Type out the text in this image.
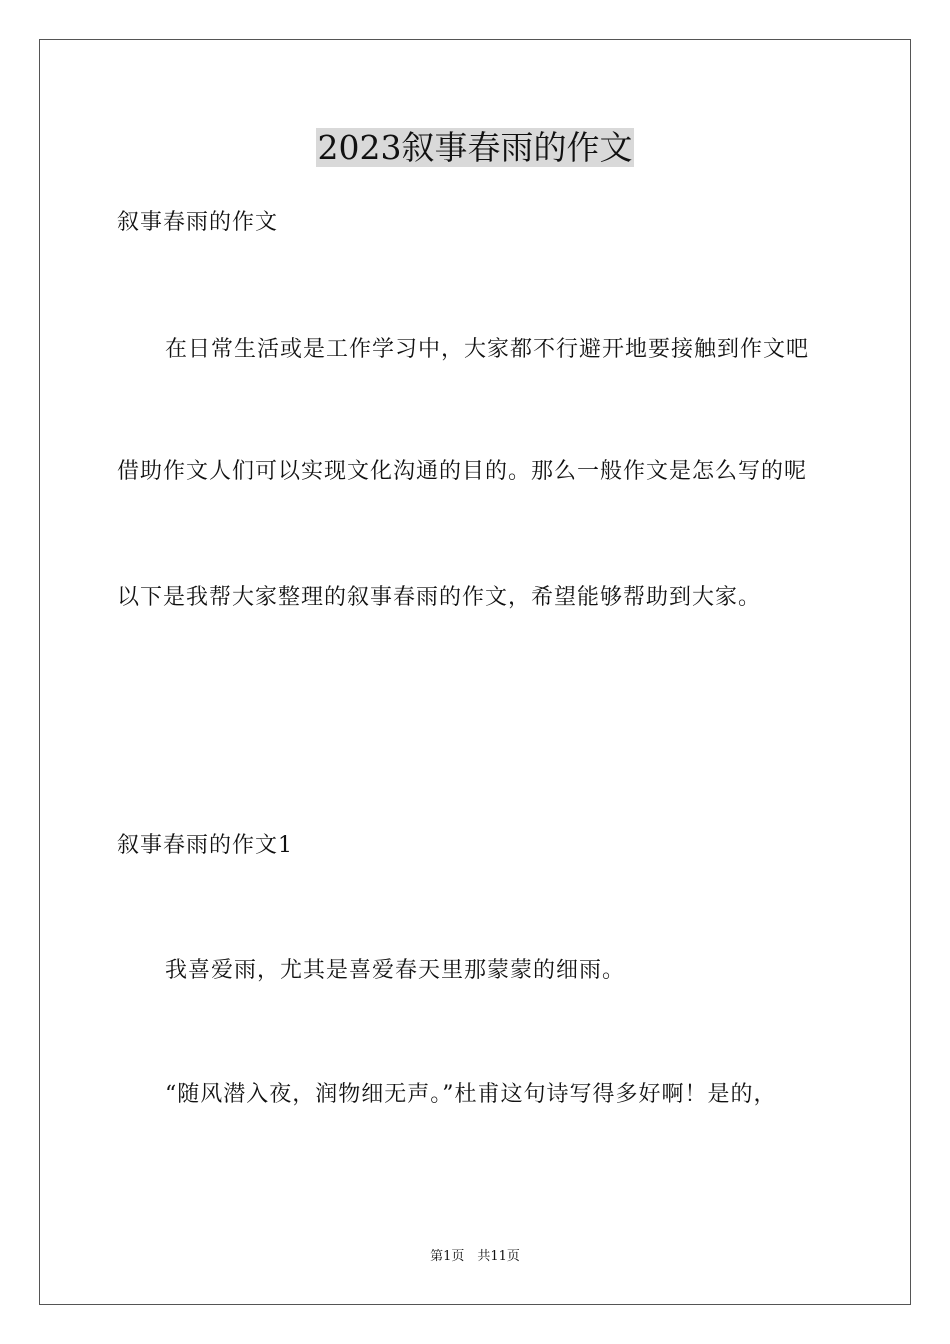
2023叙事春雨的作文
叙事春雨的作文
在日常生活或是工作学习中，大家都不行避开地要接触到作文吧
借助作文人们可以实现文化沟通的目的。那么一般作文是怎么写的呢
以下是我帮大家整理的叙事春雨的作文，希望能够帮助到大家。
叙事春雨的作文1
我喜爱雨，尤其是喜爱春天里那蒙蒙的细雨。
“随风潜入夜，润物细无声。”杜甫这句诗写得多好啊！是的，
第1页　共11页
